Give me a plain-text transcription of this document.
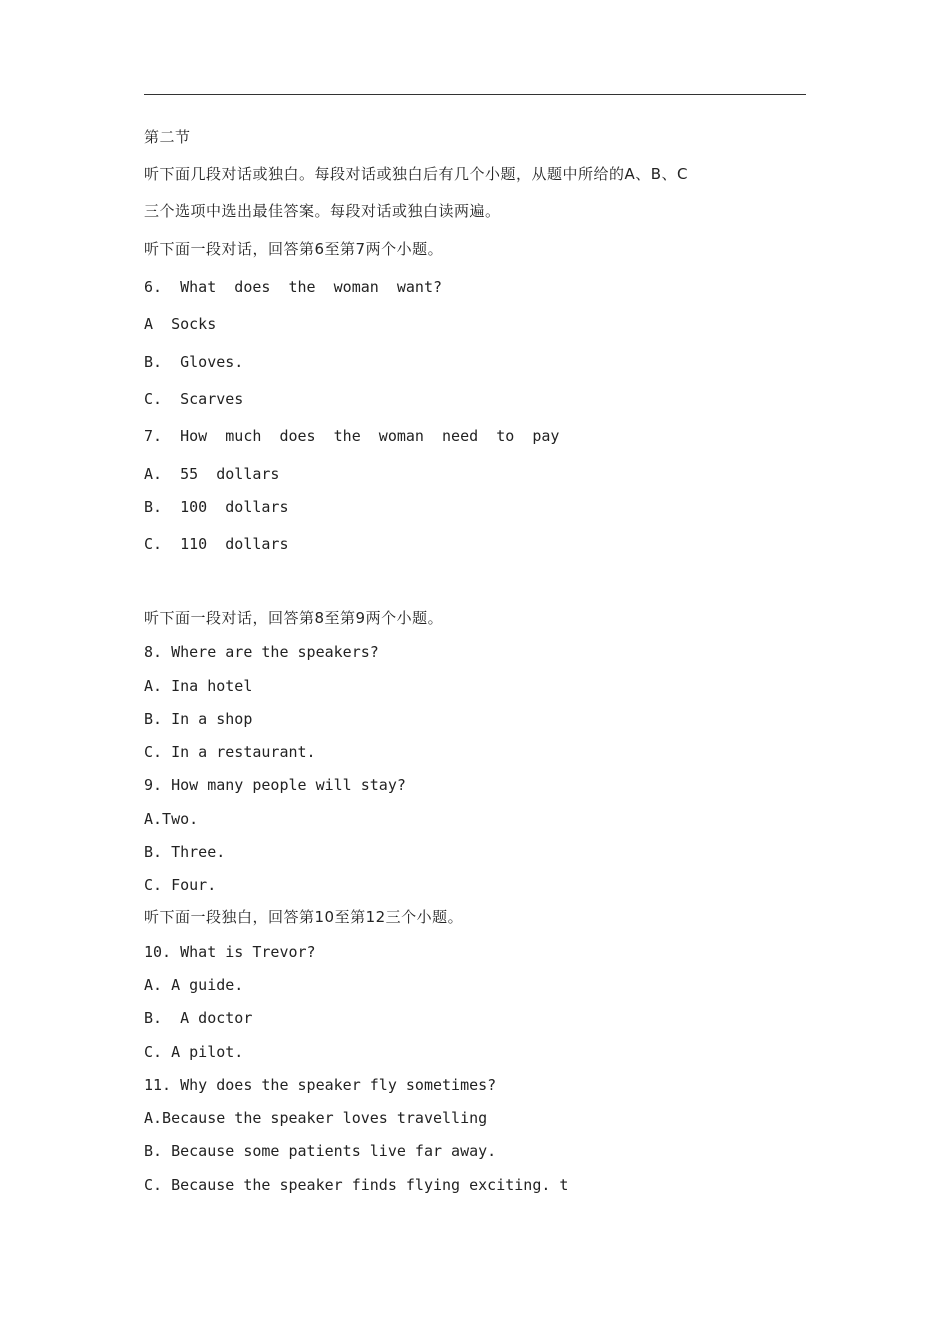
第二节
听下面几段对话或独白。每段对话或独白后有几个小题，从题中所给的A、B、C
三个选项中选出最佳答案。每段对话或独白读两遍。
听下面一段对话，回答第6至第7两个小题。
6.  What  does  the  woman  want?
A  Socks
B.  Gloves.
C.  Scarves
7.  How  much  does  the  woman  need  to  pay
A.  55  dollars
B.  100  dollars
C.  110  dollars
听下面一段对话，回答第8至第9两个小题。
8. Where are the speakers?
A. Ina hotel
B. In a shop
C. In a restaurant.
9. How many people will stay?
A.Two.
B. Three.
C. Four.
听下面一段独白，回答第10至第12三个小题。
10. What is Trevor?
A. A guide.
B.  A doctor
C. A pilot.
11. Why does the speaker fly sometimes?
A.Because the speaker loves travelling
B. Because some patients live far away.
C. Because the speaker finds flying exciting. t
